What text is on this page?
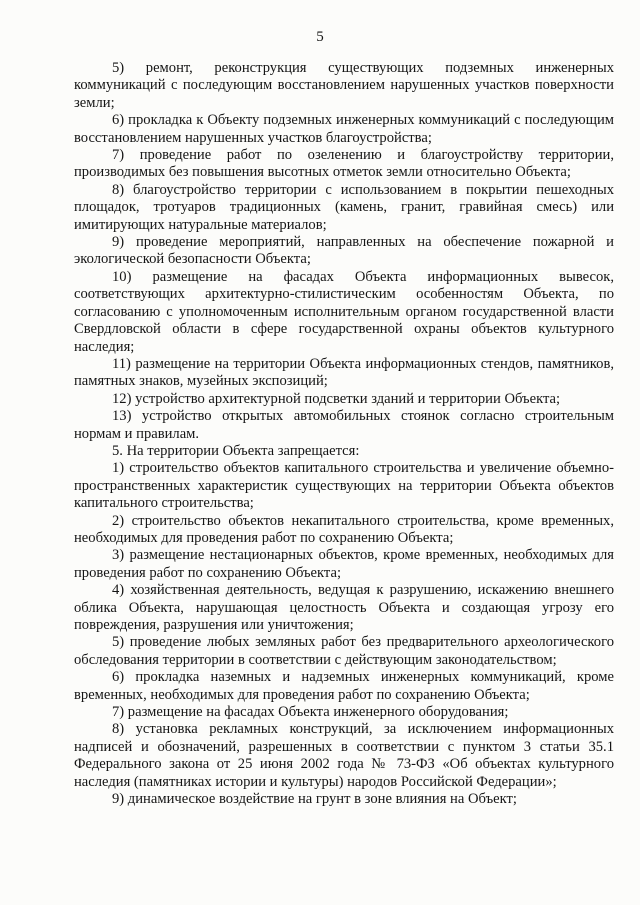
5

5) ремонт, реконструкция существующих подземных инженерных коммуникаций с последующим восстановлением нарушенных участков поверхности земли;

6) прокладка к Объекту подземных инженерных коммуникаций с последующим восстановлением нарушенных участков благоустройства;

7) проведение работ по озеленению и благоустройству территории, производимых без повышения высотных отметок земли относительно Объекта;

8) благоустройство территории с использованием в покрытии пешеходных площадок, тротуаров традиционных (камень, гранит, гравийная смесь) или имитирующих натуральные материалов;

9) проведение мероприятий, направленных на обеспечение пожарной и экологической безопасности Объекта;

10) размещение на фасадах Объекта информационных вывесок, соответствующих архитектурно-стилистическим особенностям Объекта, по согласованию с уполномоченным исполнительным органом государственной власти Свердловской области в сфере государственной охраны объектов культурного наследия;

11) размещение на территории Объекта информационных стендов, памятников, памятных знаков, музейных экспозиций;

12) устройство архитектурной подсветки зданий и территории Объекта;

13) устройство открытых автомобильных стоянок согласно строительным нормам и правилам.

5. На территории Объекта запрещается:

1) строительство объектов капитального строительства и увеличение объемно-пространственных характеристик существующих на территории Объекта объектов капитального строительства;

2) строительство объектов некапитального строительства, кроме временных, необходимых для проведения работ по сохранению Объекта;

3) размещение нестационарных объектов, кроме временных, необходимых для проведения работ по сохранению Объекта;

4) хозяйственная деятельность, ведущая к разрушению, искажению внешнего облика Объекта, нарушающая целостность Объекта и создающая угрозу его повреждения, разрушения или уничтожения;

5) проведение любых земляных работ без предварительного археологического обследования территории в соответствии с действующим законодательством;

6) прокладка наземных и надземных инженерных коммуникаций, кроме временных, необходимых для проведения работ по сохранению Объекта;

7) размещение на фасадах Объекта инженерного оборудования;

8) установка рекламных конструкций, за исключением информационных надписей и обозначений, разрешенных в соответствии с пунктом 3 статьи 35.1 Федерального закона от 25 июня 2002 года № 73-ФЗ «Об объектах культурного наследия (памятниках истории и культуры) народов Российской Федерации»;

9) динамическое воздействие на грунт в зоне влияния на Объект;
